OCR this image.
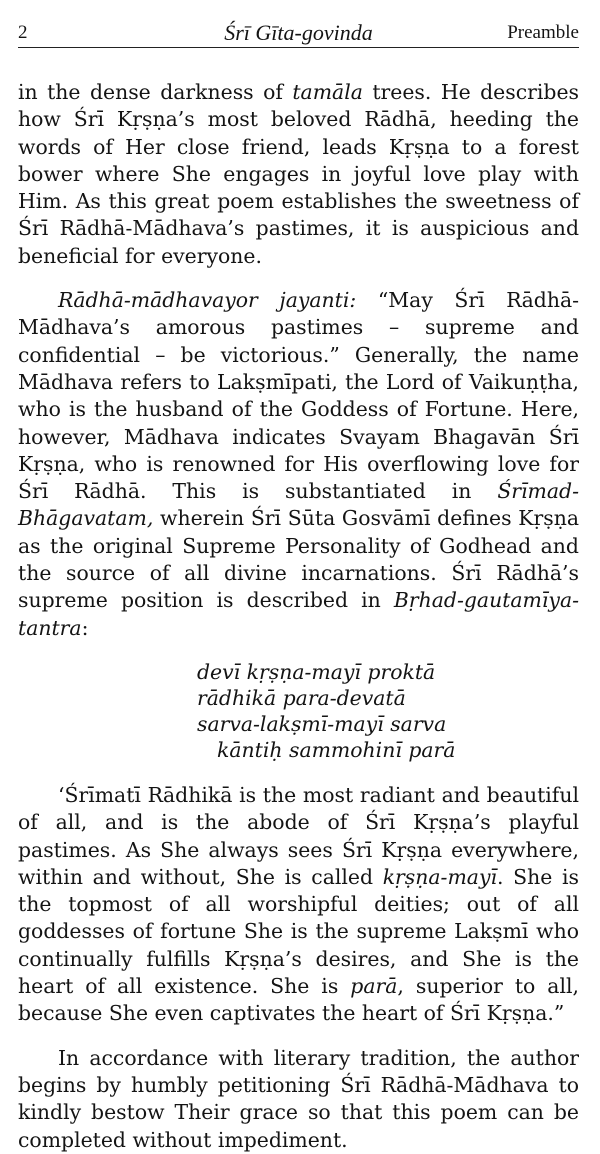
2	Śrī Gīta-govinda	Preamble

in the dense darkness of tamāla trees. He describes how Śrī Kṛṣṇa’s most beloved Rādhā, heeding the words of Her close friend, leads Kṛṣṇa to a forest bower where She engages in joyful love play with Him. As this great poem establishes the sweetness of Śrī Rādhā-Mādhava’s pastimes, it is auspicious and beneficial for everyone.

Rādhā-mādhavayor jayanti: “May Śrī Rādhā-Mādhava’s amorous pastimes – supreme and confidential – be victorious.” Generally, the name Mādhava refers to Lakṣmīpati, the Lord of Vaikuṇṭha, who is the husband of the Goddess of Fortune. Here, however, Mādhava indicates Svayam Bhagavān Śrī Kṛṣṇa, who is renowned for His overflowing love for Śrī Rādhā. This is substantiated in Śrīmad-Bhāgavatam, wherein Śrī Sūta Gosvāmī defines Kṛṣṇa as the original Supreme Personality of Godhead and the source of all divine incarnations. Śrī Rādhā’s supreme position is described in Bṛhad-gautamīya-tantra:

devī kṛṣṇa-mayī proktā
rādhikā para-devatā
sarva-lakṣmī-mayī sarva
kāntiḥ sammohinī parā

‘Śrīmatī Rādhikā is the most radiant and beautiful of all, and is the abode of Śrī Kṛṣṇa’s playful pastimes. As She always sees Śrī Kṛṣṇa everywhere, within and without, She is called kṛṣṇa-mayī. She is the topmost of all worshipful deities; out of all goddesses of fortune She is the supreme Lakṣmī who continually fulfills Kṛṣṇa’s desires, and She is the heart of all existence. She is parā, superior to all, because She even captivates the heart of Śrī Kṛṣṇa.”

In accordance with literary tradition, the author begins by humbly petitioning Śrī Rādhā-Mādhava to kindly bestow Their grace so that this poem can be completed without impediment.
